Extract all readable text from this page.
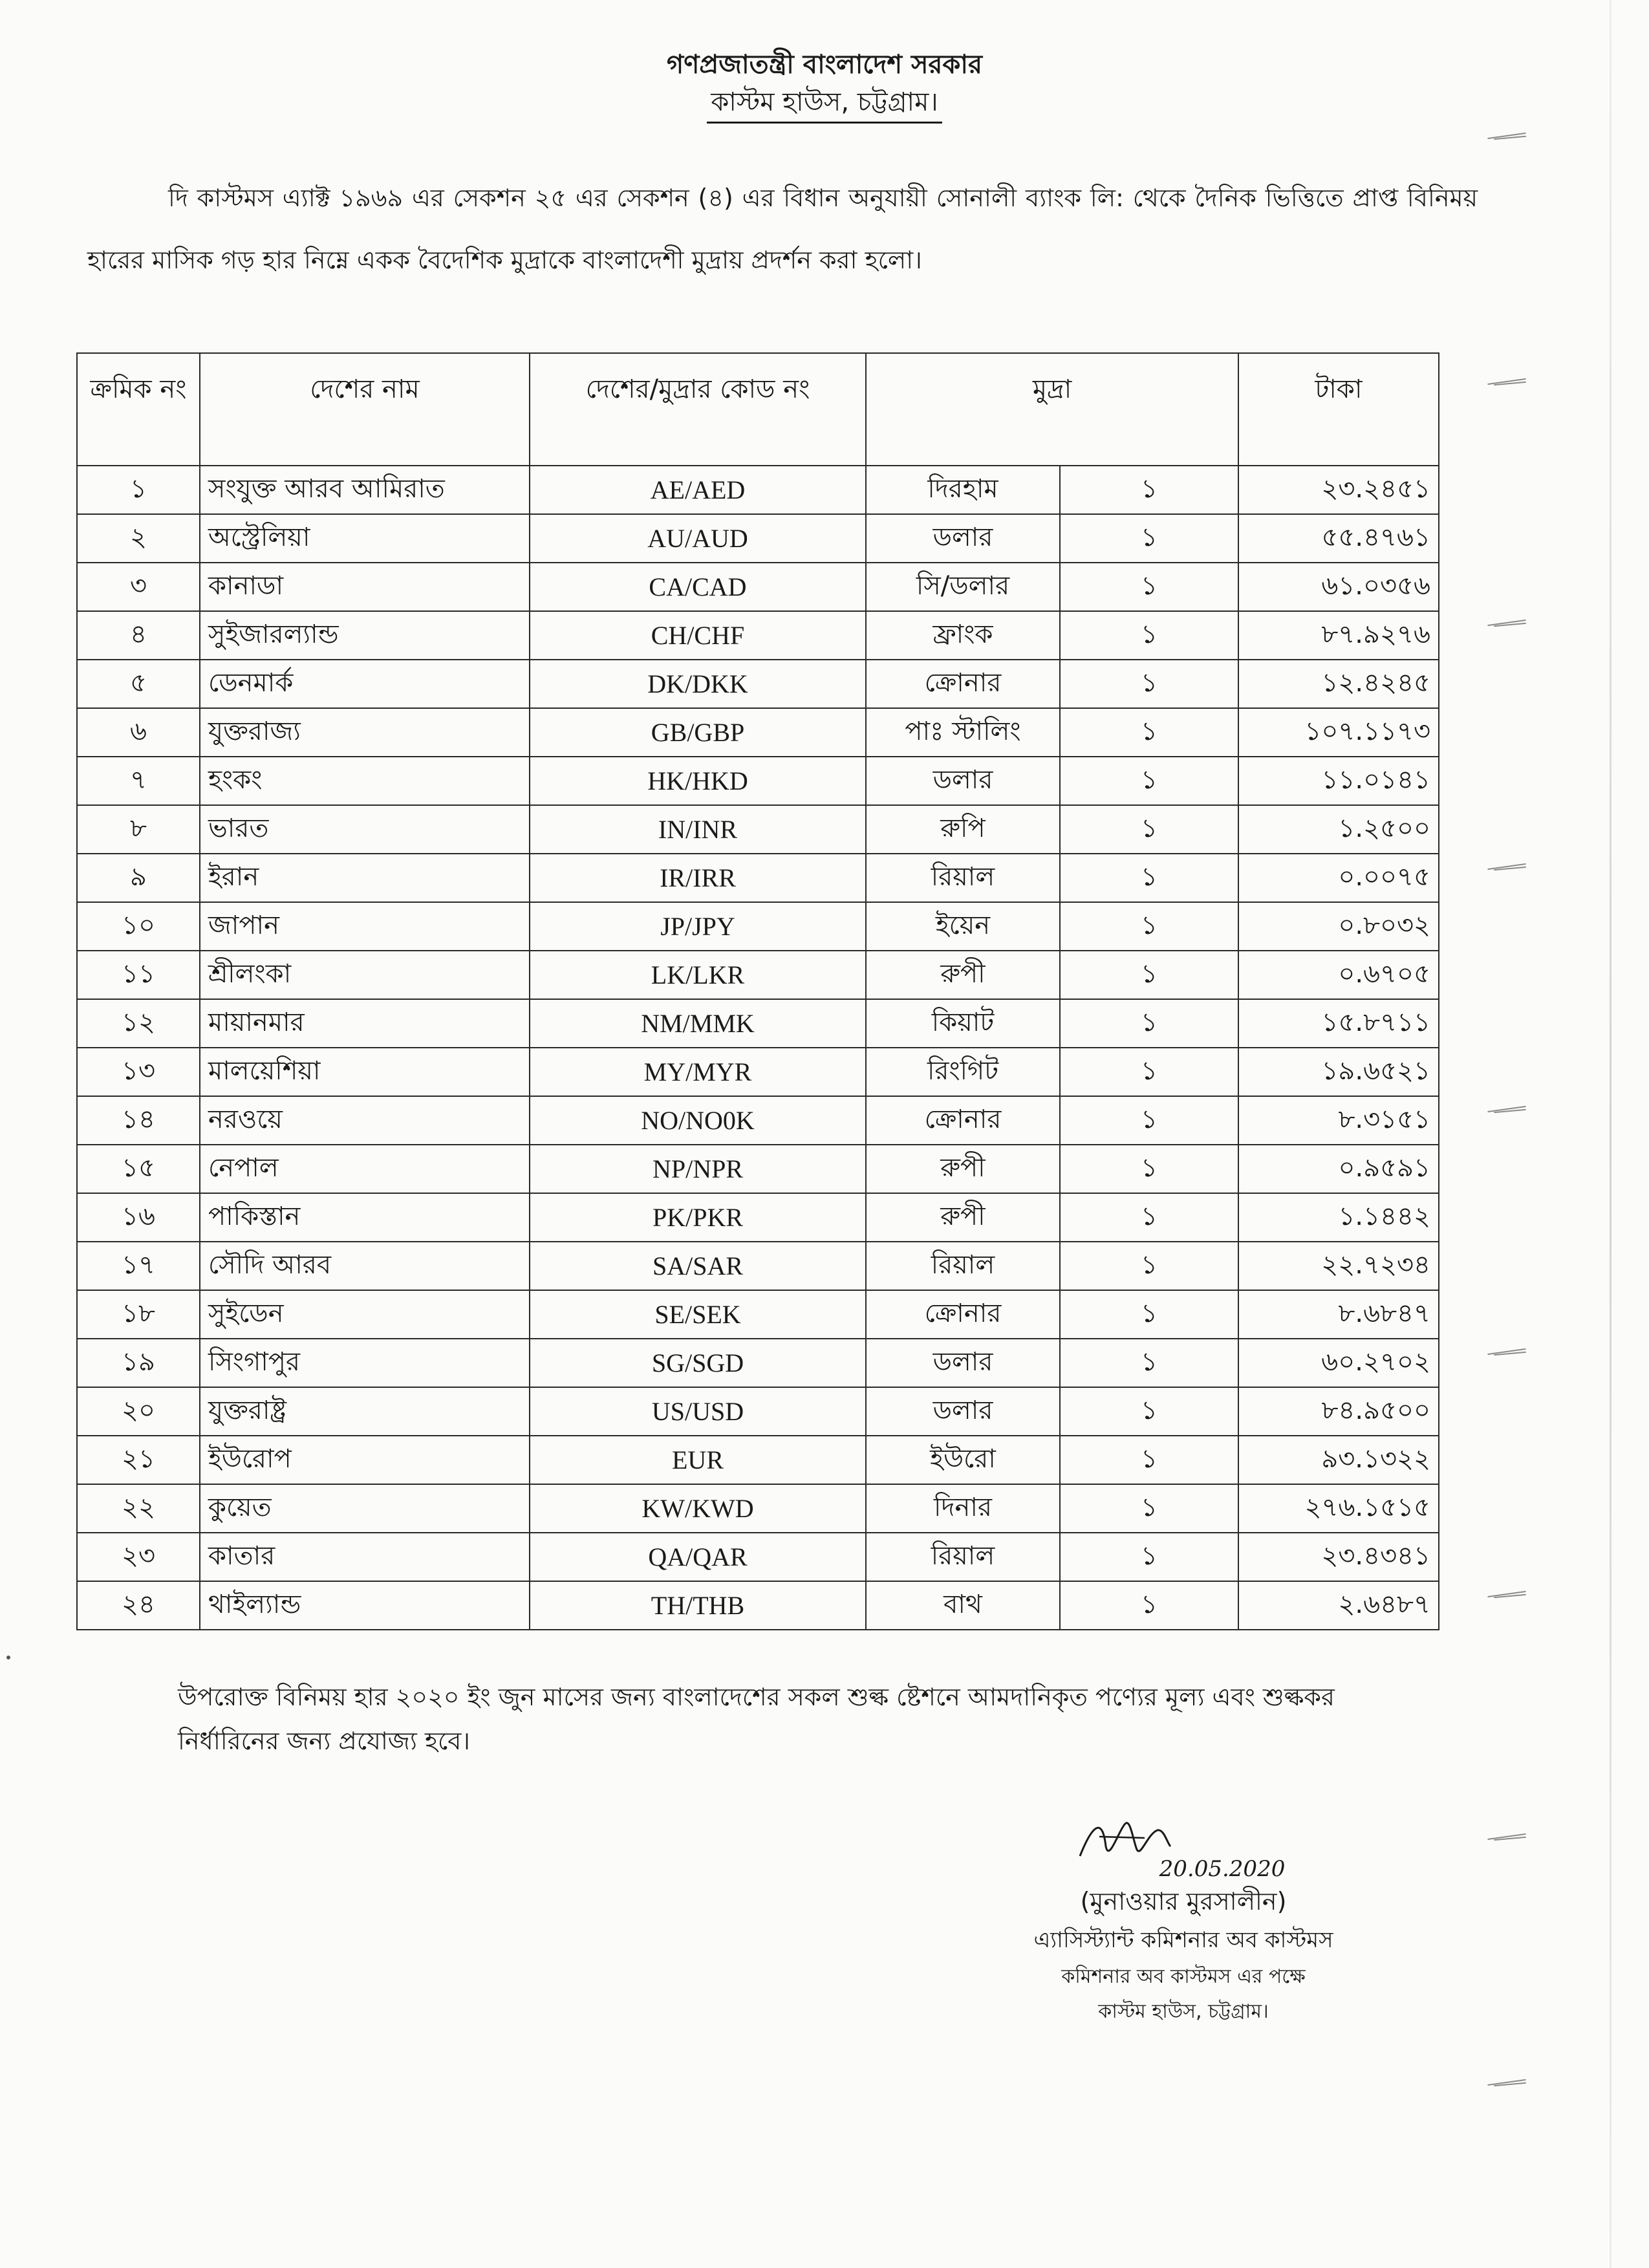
গণপ্রজাতন্ত্রী বাংলাদেশ সরকার
কাস্টম হাউস, চট্টগ্রাম।
দি কাস্টমস এ্যাক্ট ১৯৬৯ এর সেকশন ২৫ এর সেকশন (৪) এর বিধান অনুযায়ী সোনালী ব্যাংক লি: থেকে দৈনিক ভিত্তিতে প্রাপ্ত বিনিময় হারের মাসিক গড় হার নিম্নে একক বৈদেশিক মুদ্রাকে বাংলাদেশী মুদ্রায় প্রদর্শন করা হলো।
ক্রমিক নং	দেশের নাম	দেশের/মুদ্রার কোড নং	মুদ্রা		টাকা
১	সংযুক্ত আরব আমিরাত	AE/AED	দিরহাম	১	২৩.২৪৫১
২	অস্ট্রেলিয়া	AU/AUD	ডলার	১	৫৫.৪৭৬১
৩	কানাডা	CA/CAD	সি/ডলার	১	৬১.০৩৫৬
৪	সুইজারল্যান্ড	CH/CHF	ফ্রাংক	১	৮৭.৯২৭৬
৫	ডেনমার্ক	DK/DKK	ক্রোনার	১	১২.৪২৪৫
৬	যুক্তরাজ্য	GB/GBP	পাঃ স্টালিং	১	১০৭.১১৭৩
৭	হংকং	HK/HKD	ডলার	১	১১.০১৪১
৮	ভারত	IN/INR	রুপি	১	১.২৫০০
৯	ইরান	IR/IRR	রিয়াল	১	০.০০৭৫
১০	জাপান	JP/JPY	ইয়েন	১	০.৮০৩২
১১	শ্রীলংকা	LK/LKR	রুপী	১	০.৬৭০৫
১২	মায়ানমার	NM/MMK	কিয়াট	১	১৫.৮৭১১
১৩	মালয়েশিয়া	MY/MYR	রিংগিট	১	১৯.৬৫২১
১৪	নরওয়ে	NO/NO0K	ক্রোনার	১	৮.৩১৫১
১৫	নেপাল	NP/NPR	রুপী	১	০.৯৫৯১
১৬	পাকিস্তান	PK/PKR	রুপী	১	১.১৪৪২
১৭	সৌদি আরব	SA/SAR	রিয়াল	১	২২.৭২৩৪
১৮	সুইডেন	SE/SEK	ক্রোনার	১	৮.৬৮৪৭
১৯	সিংগাপুর	SG/SGD	ডলার	১	৬০.২৭০২
২০	যুক্তরাষ্ট্র	US/USD	ডলার	১	৮৪.৯৫০০
২১	ইউরোপ	EUR	ইউরো	১	৯৩.১৩২২
২২	কুয়েত	KW/KWD	দিনার	১	২৭৬.১৫১৫
২৩	কাতার	QA/QAR	রিয়াল	১	২৩.৪৩৪১
২৪	থাইল্যান্ড	TH/THB	বাথ	১	২.৬৪৮৭
উপরোক্ত বিনিময় হার ২০২০ ইং জুন মাসের জন্য বাংলাদেশের সকল শুল্ক ষ্টেশনে আমদানিকৃত পণ্যের মূল্য এবং শুল্ককর নির্ধারিনের জন্য প্রযোজ্য হবে।
20.05.2020
(মুনাওয়ার মুরসালীন)
এ্যাসিস্ট্যান্ট কমিশনার অব কাস্টমস
কমিশনার অব কাস্টমস এর পক্ষে
কাস্টম হাউস, চট্টগ্রাম।
